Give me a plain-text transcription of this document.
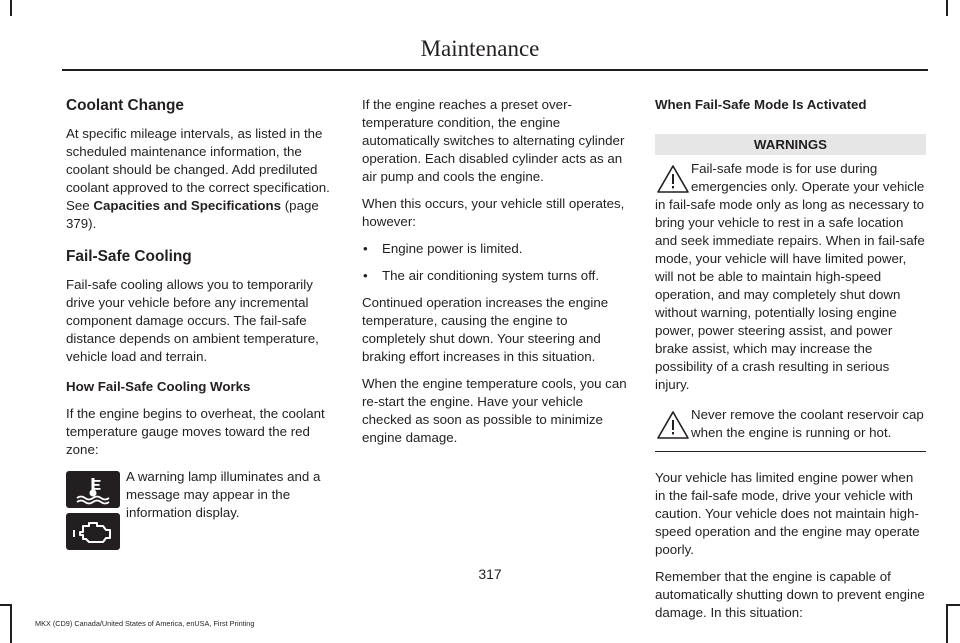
Maintenance
Coolant Change

At specific mileage intervals, as listed in the scheduled maintenance information, the coolant should be changed. Add prediluted coolant approved to the correct specification. See Capacities and Specifications (page 379).

Fail-Safe Cooling

Fail-safe cooling allows you to temporarily drive your vehicle before any incremental component damage occurs. The fail-safe distance depends on ambient temperature, vehicle load and terrain.

How Fail-Safe Cooling Works

If the engine begins to overheat, the coolant temperature gauge moves toward the red zone:

A warning lamp illuminates and a message may appear in the information display.

If the engine reaches a preset over-temperature condition, the engine automatically switches to alternating cylinder operation. Each disabled cylinder acts as an air pump and cools the engine.

When this occurs, your vehicle still operates, however:

• Engine power is limited.
• The air conditioning system turns off.

Continued operation increases the engine temperature, causing the engine to completely shut down. Your steering and braking effort increases in this situation.

When the engine temperature cools, you can re-start the engine. Have your vehicle checked as soon as possible to minimize engine damage.

When Fail-Safe Mode Is Activated
WARNINGS
Fail-safe mode is for use during emergencies only. Operate your vehicle in fail-safe mode only as long as necessary to bring your vehicle to rest in a safe location and seek immediate repairs. When in fail-safe mode, your vehicle will have limited power, will not be able to maintain high-speed operation, and may completely shut down without warning, potentially losing engine power, power steering assist, and power brake assist, which may increase the possibility of a crash resulting in serious injury.
Never remove the coolant reservoir cap when the engine is running or hot.

Your vehicle has limited engine power when in the fail-safe mode, drive your vehicle with caution. Your vehicle does not maintain high-speed operation and the engine may operate poorly.

Remember that the engine is capable of automatically shutting down to prevent engine damage. In this situation:

317
MKX (CD9) Canada/United States of America, enUSA, First Printing
